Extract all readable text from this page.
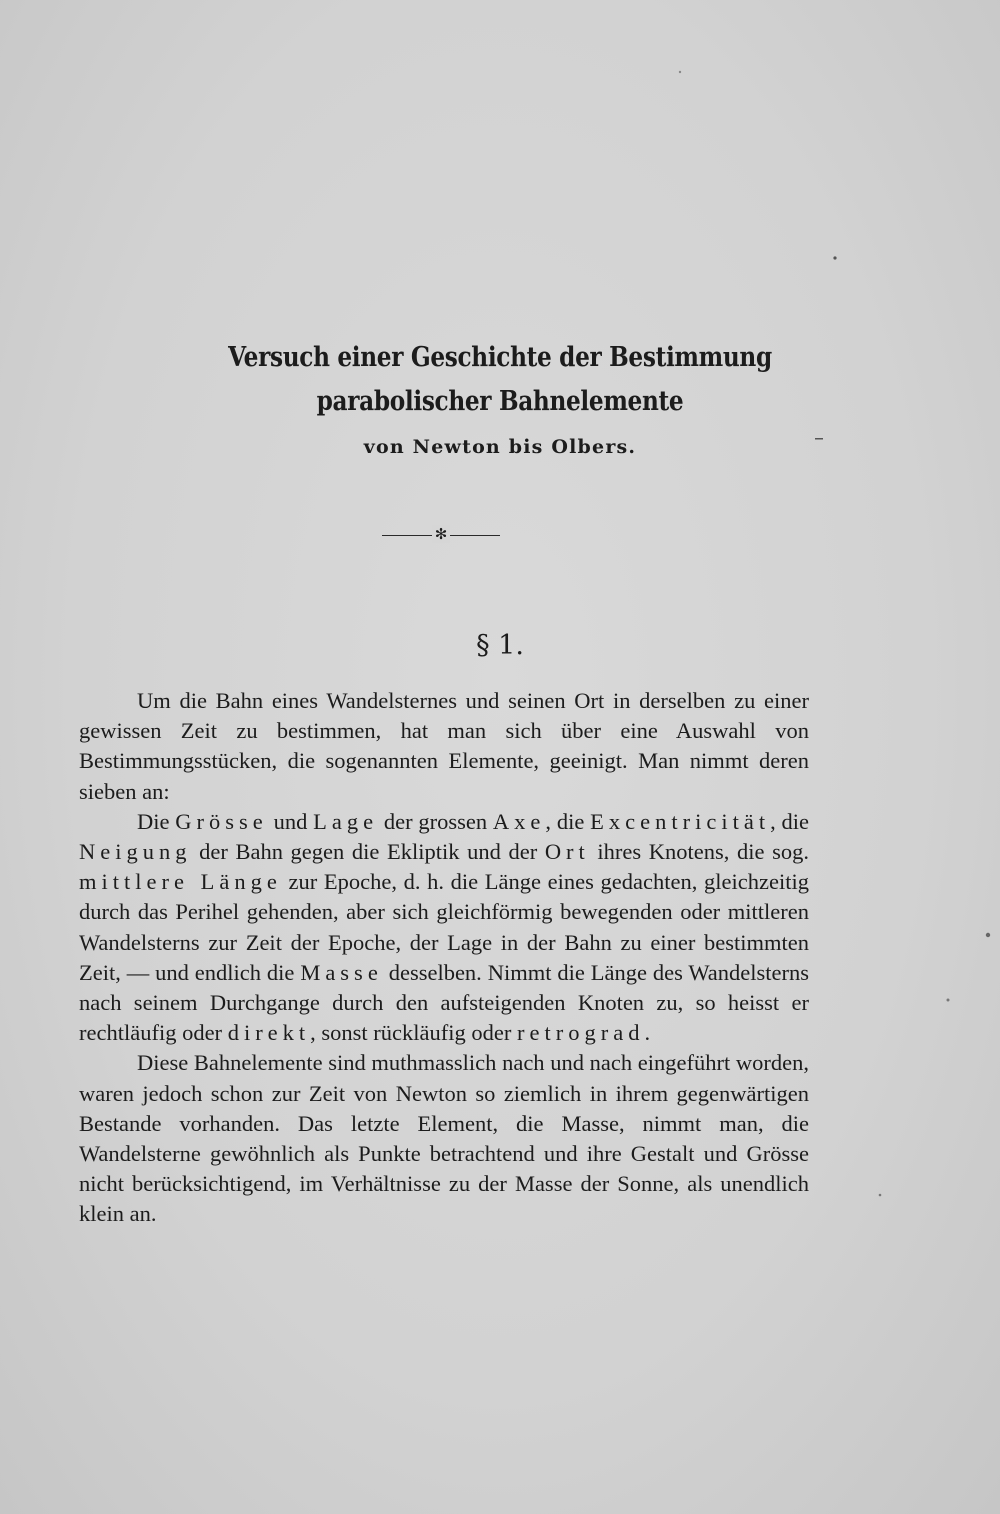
Versuch einer Geschichte der Bestimmung
parabolischer Bahnelemente
von Newton bis Olbers.
✻
§ 1.

Um die Bahn eines Wandelsternes und seinen Ort in derselben zu einer gewissen Zeit zu bestimmen, hat man sich über eine Auswahl von Bestimmungsstücken, die sogenannten Elemente, geeinigt. Man nimmt deren sieben an:

Die Grösse und Lage der grossen Axe, die Excentricität, die Neigung der Bahn gegen die Ekliptik und der Ort ihres Knotens, die sog. mittlere Länge zur Epoche, d. h. die Länge eines gedachten, gleichzeitig durch das Perihel gehenden, aber sich gleichförmig bewegenden oder mittleren Wandelsterns zur Zeit der Epoche, der Lage in der Bahn zu einer bestimmten Zeit, — und endlich die Masse desselben. Nimmt die Länge des Wandelsterns nach seinem Durchgange durch den aufsteigenden Knoten zu, so heisst er rechtläufig oder direkt, sonst rückläufig oder retrograd.

Diese Bahnelemente sind muthmasslich nach und nach eingeführt worden, waren jedoch schon zur Zeit von Newton so ziemlich in ihrem gegenwärtigen Bestande vorhanden. Das letzte Element, die Masse, nimmt man, die Wandelsterne gewöhnlich als Punkte betrachtend und ihre Gestalt und Grösse nicht berücksichtigend, im Verhältnisse zu der Masse der Sonne, als unendlich klein an.
